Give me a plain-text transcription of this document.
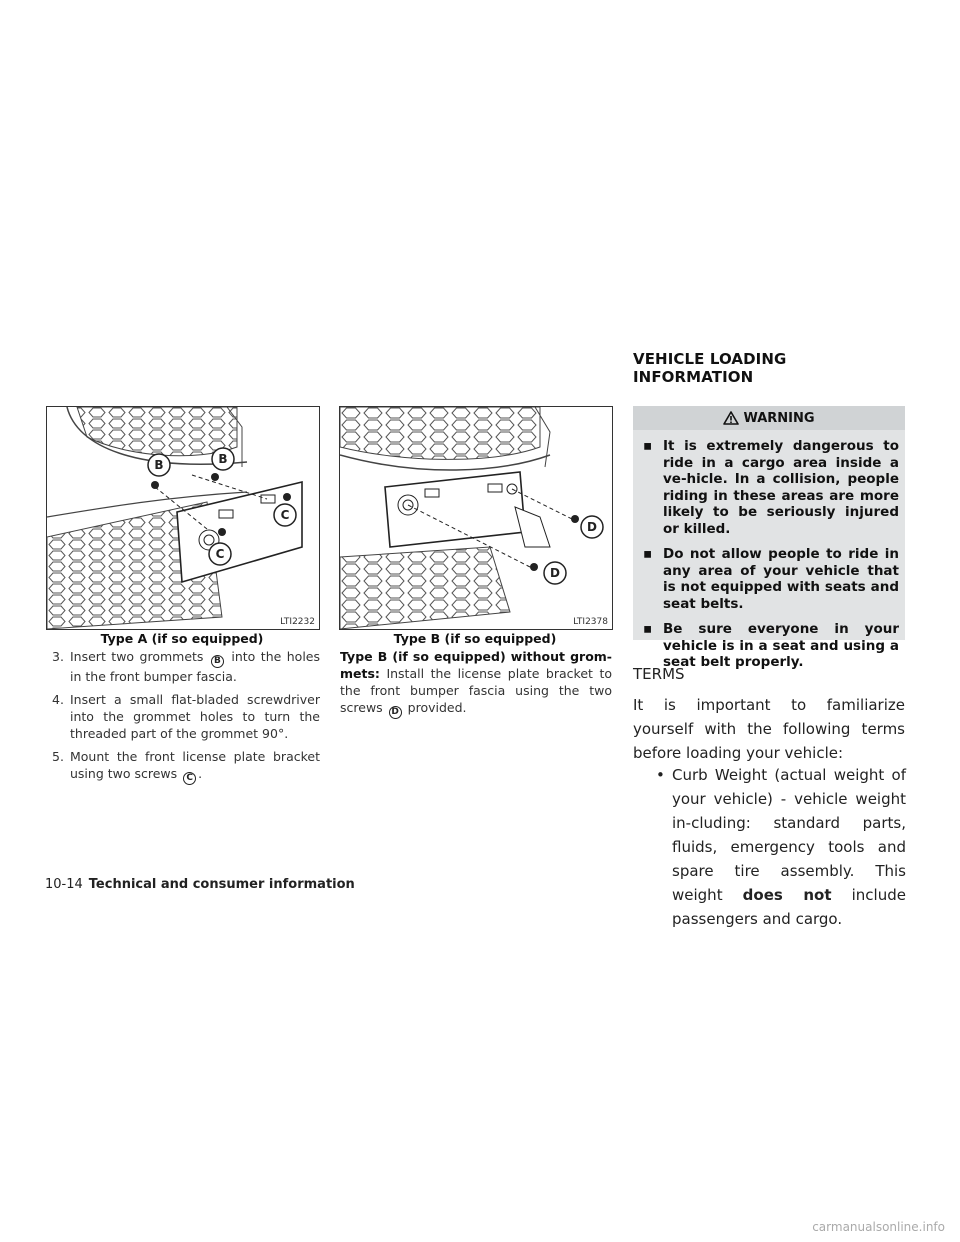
VEHICLE LOADING INFORMATION
B	B
C
C
LTI2232
Type A (if so equipped)
D
D
LTI2378
Type B (if so equipped)
3. Insert two grommets B into the holes in the front bumper fascia.
4. Insert a small flat-bladed screwdriver into the grommet holes to turn the threaded part of the grommet 90°.
5. Mount the front license plate bracket using two screws C .
Type B (if so equipped) without grom-mets: Install the license plate bracket to the front bumper fascia using the two screws D provided.
WARNING
▪ It is extremely dangerous to ride in a cargo area inside a ve-hicle. In a collision, people riding in these areas are more likely to be seriously injured or killed.
▪ Do not allow people to ride in any area of your vehicle that is not equipped with seats and seat belts.
▪ Be sure everyone in your vehicle is in a seat and using a seat belt properly.
TERMS
It is important to familiarize yourself with the following terms before loading your vehicle:
• Curb Weight (actual weight of your vehicle) - vehicle weight in-cluding: standard parts, fluids, emergency tools and spare tire assembly. This weight does not include passengers and cargo.
10-14 Technical and consumer information
carmanualsonline.info
